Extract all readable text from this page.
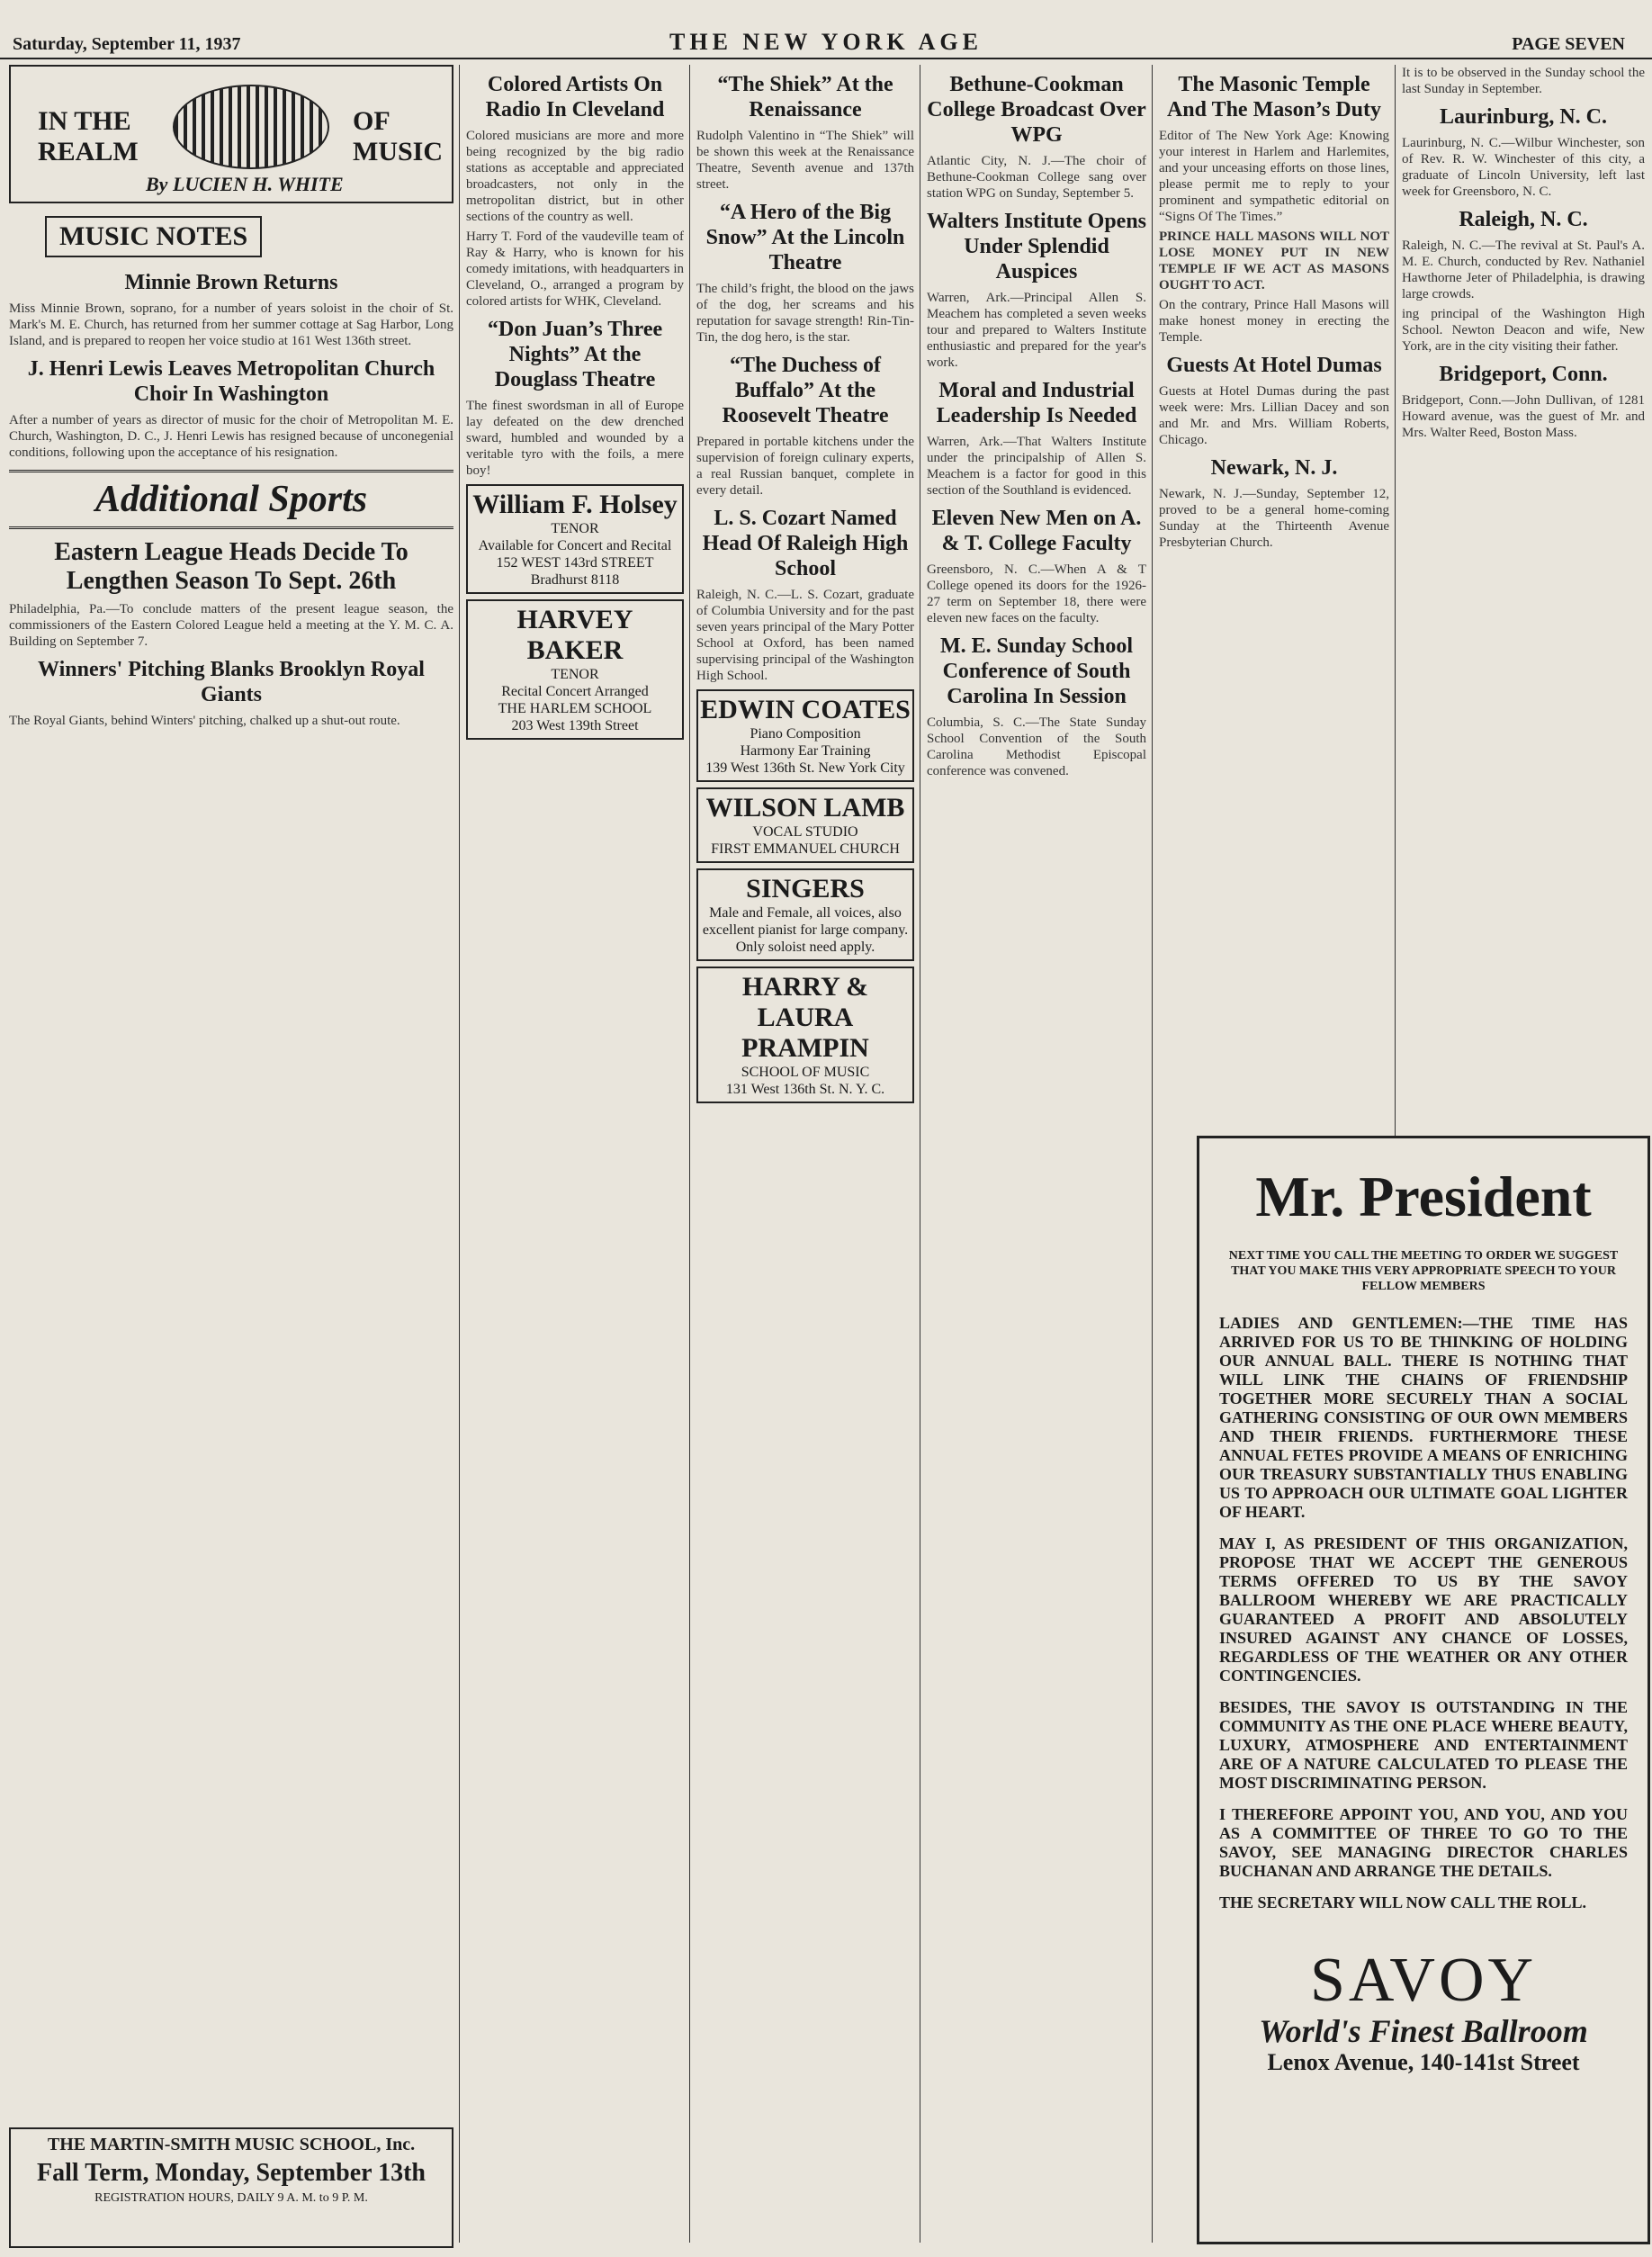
Saturday, September 11, 1937	THE NEW YORK AGE	PAGE SEVEN
IN THE
REALM
OF MUSIC
By LUCIEN H. WHITE
MUSIC NOTES
Minnie Brown Returns

Miss Minnie Brown, soprano, for a number of years soloist in the choir of St. Mark's M. E. Church, has returned from her summer cottage at Sag Harbor, Long Island, and is prepared to reopen her voice studio at 161 West 136th street.

J. Henri Lewis Leaves Metropolitan Church Choir In Washington

After a number of years as director of music for the choir of Metropolitan M. E. Church, Washington, D. C., J. Henri Lewis has resigned because of unconegenial conditions, following upon the acceptance of his resignation.

Additional Sports
Eastern League Heads Decide To Lengthen Season To Sept. 26th

Philadelphia, Pa.—To conclude matters of the present league season, the commissioners of the Eastern Colored League held a meeting at the Y. M. C. A. Building on September 7.

Winners' Pitching Blanks Brooklyn Royal Giants

The Royal Giants, behind Winters' pitching, chalked up a shut-out route.

Colored Artists On Radio In Cleveland

Colored musicians are more and more being recognized by the big radio stations as acceptable and appreciated broadcasters, not only in the metropolitan district, but in other sections of the country as well.

Harry T. Ford of the vaudeville team of Ray & Harry, who is known for his comedy imitations, with headquarters in Cleveland, O., arranged a program by colored artists for WHK, Cleveland.

“Don Juan’s Three Nights” At the Douglass Theatre

The finest swordsman in all of Europe lay defeated on the dew drenched sward, humbled and wounded by a veritable tyro with the foils, a mere boy!

William F. Holsey
TENOR
Available for Concert and Recital
152 WEST 143rd STREET
Bradhurst 8118
HARVEY BAKER
TENOR
Recital Concert Arranged
THE HARLEM SCHOOL
203 West 139th Street
“The Shiek” At the Renaissance

Rudolph Valentino in “The Shiek” will be shown this week at the Renaissance Theatre, Seventh avenue and 137th street.

“A Hero of the Big Snow” At the Lincoln Theatre

The child’s fright, the blood on the jaws of the dog, her screams and his reputation for savage strength! Rin-Tin-Tin, the dog hero, is the star.

“The Duchess of Buffalo” At the Roosevelt Theatre

Prepared in portable kitchens under the supervision of foreign culinary experts, a real Russian banquet, complete in every detail.

L. S. Cozart Named Head Of Raleigh High School

Raleigh, N. C.—L. S. Cozart, graduate of Columbia University and for the past seven years principal of the Mary Potter School at Oxford, has been named supervising principal of the Washington High School.

EDWIN COATES
Piano Composition
Harmony Ear Training
139 West 136th St. New York City
WILSON LAMB
VOCAL STUDIO
FIRST EMMANUEL CHURCH
SINGERS
Male and Female, all voices, also excellent pianist for large company. Only soloist need apply.
HARRY & LAURA PRAMPIN
SCHOOL OF MUSIC
131 West 136th St. N. Y. C.
Bethune-Cookman College Broadcast Over WPG

Atlantic City, N. J.—The choir of Bethune-Cookman College sang over station WPG on Sunday, September 5.

Walters Institute Opens Under Splendid Auspices

Warren, Ark.—Principal Allen S. Meachem has completed a seven weeks tour and prepared to Walters Institute enthusiastic and prepared for the year's work.

Moral and Industrial Leadership Is Needed

Warren, Ark.—That Walters Institute under the principalship of Allen S. Meachem is a factor for good in this section of the Southland is evidenced.

Eleven New Men on A. & T. College Faculty

Greensboro, N. C.—When A & T College opened its doors for the 1926-27 term on September 18, there were eleven new faces on the faculty.

M. E. Sunday School Conference of South Carolina In Session

Columbia, S. C.—The State Sunday School Convention of the South Carolina Methodist Episcopal conference was convened.

The Masonic Temple And The Mason’s Duty

Editor of The New York Age: Knowing your interest in Harlem and Harlemites, and your unceasing efforts on those lines, please permit me to reply to your prominent and sympathetic editorial on “Signs Of The Times.”

PRINCE HALL MASONS WILL NOT LOSE MONEY PUT IN NEW TEMPLE IF WE ACT AS MASONS OUGHT TO ACT.

On the contrary, Prince Hall Masons will make honest money in erecting the Temple.

Guests At Hotel Dumas

Guests at Hotel Dumas during the past week were: Mrs. Lillian Dacey and son and Mr. and Mrs. William Roberts, Chicago.

Newark, N. J.

Newark, N. J.—Sunday, September 12, proved to be a general home-coming Sunday at the Thirteenth Avenue Presbyterian Church.

It is to be observed in the Sunday school the last Sunday in September.

Laurinburg, N. C.

Laurinburg, N. C.—Wilbur Winchester, son of Rev. R. W. Winchester of this city, a graduate of Lincoln University, left last week for Greensboro, N. C.

Raleigh, N. C.

Raleigh, N. C.—The revival at St. Paul's A. M. E. Church, conducted by Rev. Nathaniel Hawthorne Jeter of Philadelphia, is drawing large crowds.

ing principal of the Washington High School. Newton Deacon and wife, New York, are in the city visiting their father.

Bridgeport, Conn.

Bridgeport, Conn.—John Dullivan, of 1281 Howard avenue, was the guest of Mr. and Mrs. Walter Reed, Boston Mass.

Mr. President
NEXT TIME YOU CALL THE MEETING TO ORDER WE SUGGEST THAT YOU MAKE THIS VERY APPROPRIATE SPEECH TO YOUR FELLOW MEMBERS
LADIES AND GENTLEMEN:—THE TIME HAS ARRIVED FOR US TO BE THINKING OF HOLDING OUR ANNUAL BALL. THERE IS NOTHING THAT WILL LINK THE CHAINS OF FRIENDSHIP TOGETHER MORE SECURELY THAN A SOCIAL GATHERING CONSISTING OF OUR OWN MEMBERS AND THEIR FRIENDS. FURTHERMORE THESE ANNUAL FETES PROVIDE A MEANS OF ENRICHING OUR TREASURY SUBSTANTIALLY THUS ENABLING US TO APPROACH OUR ULTIMATE GOAL LIGHTER OF HEART.
MAY I, AS PRESIDENT OF THIS ORGANIZATION, PROPOSE THAT WE ACCEPT THE GENEROUS TERMS OFFERED TO US BY THE SAVOY BALLROOM WHEREBY WE ARE PRACTICALLY GUARANTEED A PROFIT AND ABSOLUTELY INSURED AGAINST ANY CHANCE OF LOSSES, REGARDLESS OF THE WEATHER OR ANY OTHER CONTINGENCIES.
BESIDES, THE SAVOY IS OUTSTANDING IN THE COMMUNITY AS THE ONE PLACE WHERE BEAUTY, LUXURY, ATMOSPHERE AND ENTERTAINMENT ARE OF A NATURE CALCULATED TO PLEASE THE MOST DISCRIMINATING PERSON.
I THEREFORE APPOINT YOU, AND YOU, AND YOU AS A COMMITTEE OF THREE TO GO TO THE SAVOY, SEE MANAGING DIRECTOR CHARLES BUCHANAN AND ARRANGE THE DETAILS.
THE SECRETARY WILL NOW CALL THE ROLL.
SAVOY
World's Finest Ballroom
Lenox Avenue, 140-141st Street
THE MARTIN-SMITH MUSIC SCHOOL, Inc.
Fall Term, Monday, September 13th
REGISTRATION HOURS, DAILY 9 A. M. to 9 P. M.
